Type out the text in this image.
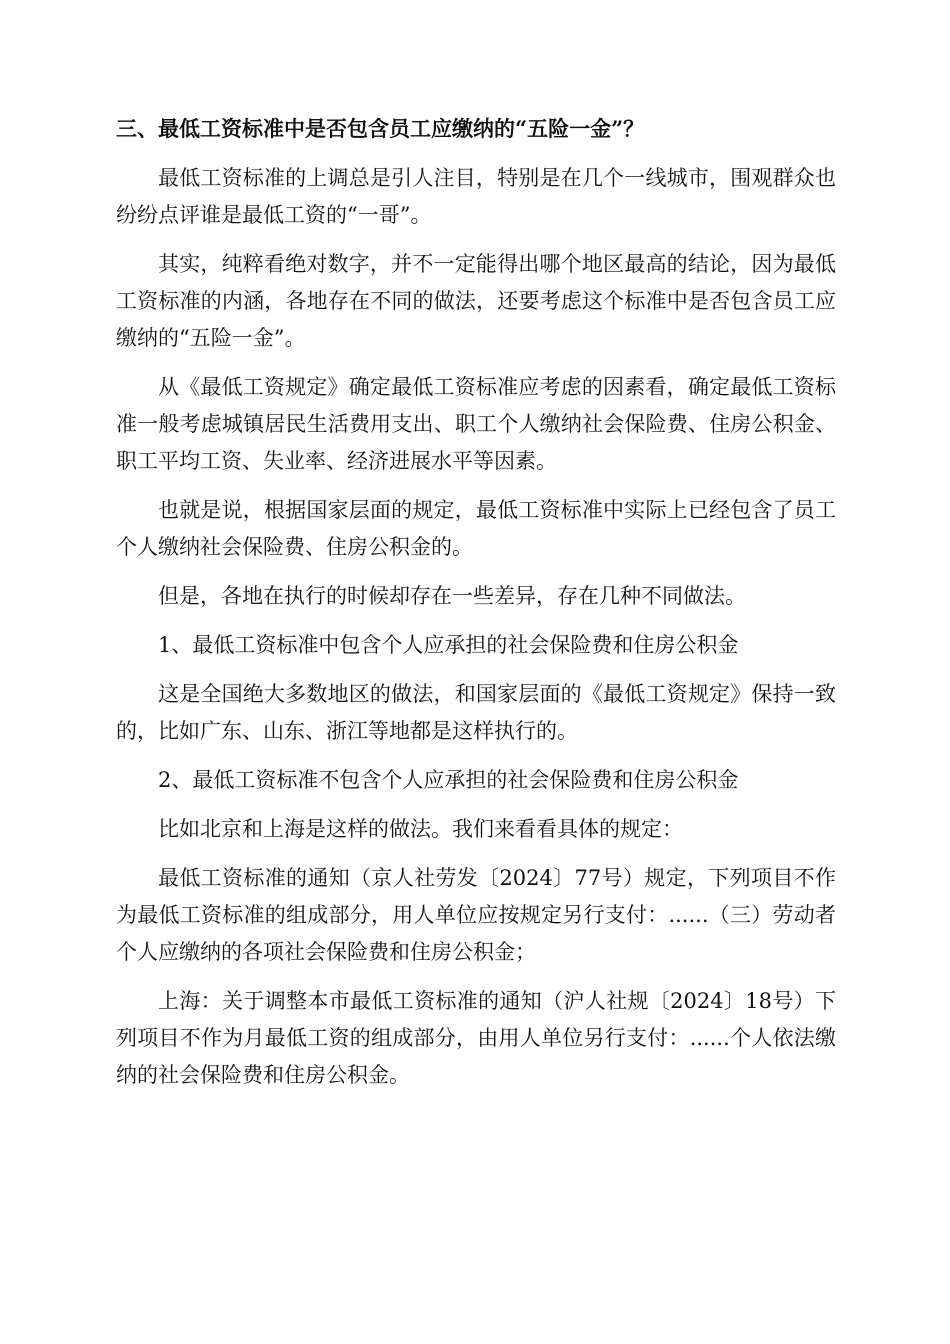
三、最低工资标准中是否包含员工应缴纳的“五险一金”？

最低工资标准的上调总是引人注目，特别是在几个一线城市，围观群众也纷纷点评谁是最低工资的“一哥”。

其实，纯粹看绝对数字，并不一定能得出哪个地区最高的结论，因为最低工资标准的内涵，各地存在不同的做法，还要考虑这个标准中是否包含员工应缴纳的“五险一金”。

从《最低工资规定》确定最低工资标准应考虑的因素看，确定最低工资标准一般考虑城镇居民生活费用支出、职工个人缴纳社会保险费、住房公积金、职工平均工资、失业率、经济进展水平等因素。

也就是说，根据国家层面的规定，最低工资标准中实际上已经包含了员工个人缴纳社会保险费、住房公积金的。

但是，各地在执行的时候却存在一些差异，存在几种不同做法。

1、最低工资标准中包含个人应承担的社会保险费和住房公积金

这是全国绝大多数地区的做法，和国家层面的《最低工资规定》保持一致的，比如广东、山东、浙江等地都是这样执行的。

2、最低工资标准不包含个人应承担的社会保险费和住房公积金

比如北京和上海是这样的做法。我们来看看具体的规定：

最低工资标准的通知（京人社劳发〔2024〕77号）规定，下列项目不作为最低工资标准的组成部分，用人单位应按规定另行支付：......（三）劳动者个人应缴纳的各项社会保险费和住房公积金；

上海：关于调整本市最低工资标准的通知（沪人社规〔2024〕18号）下列项目不作为月最低工资的组成部分，由用人单位另行支付：......个人依法缴纳的社会保险费和住房公积金。
